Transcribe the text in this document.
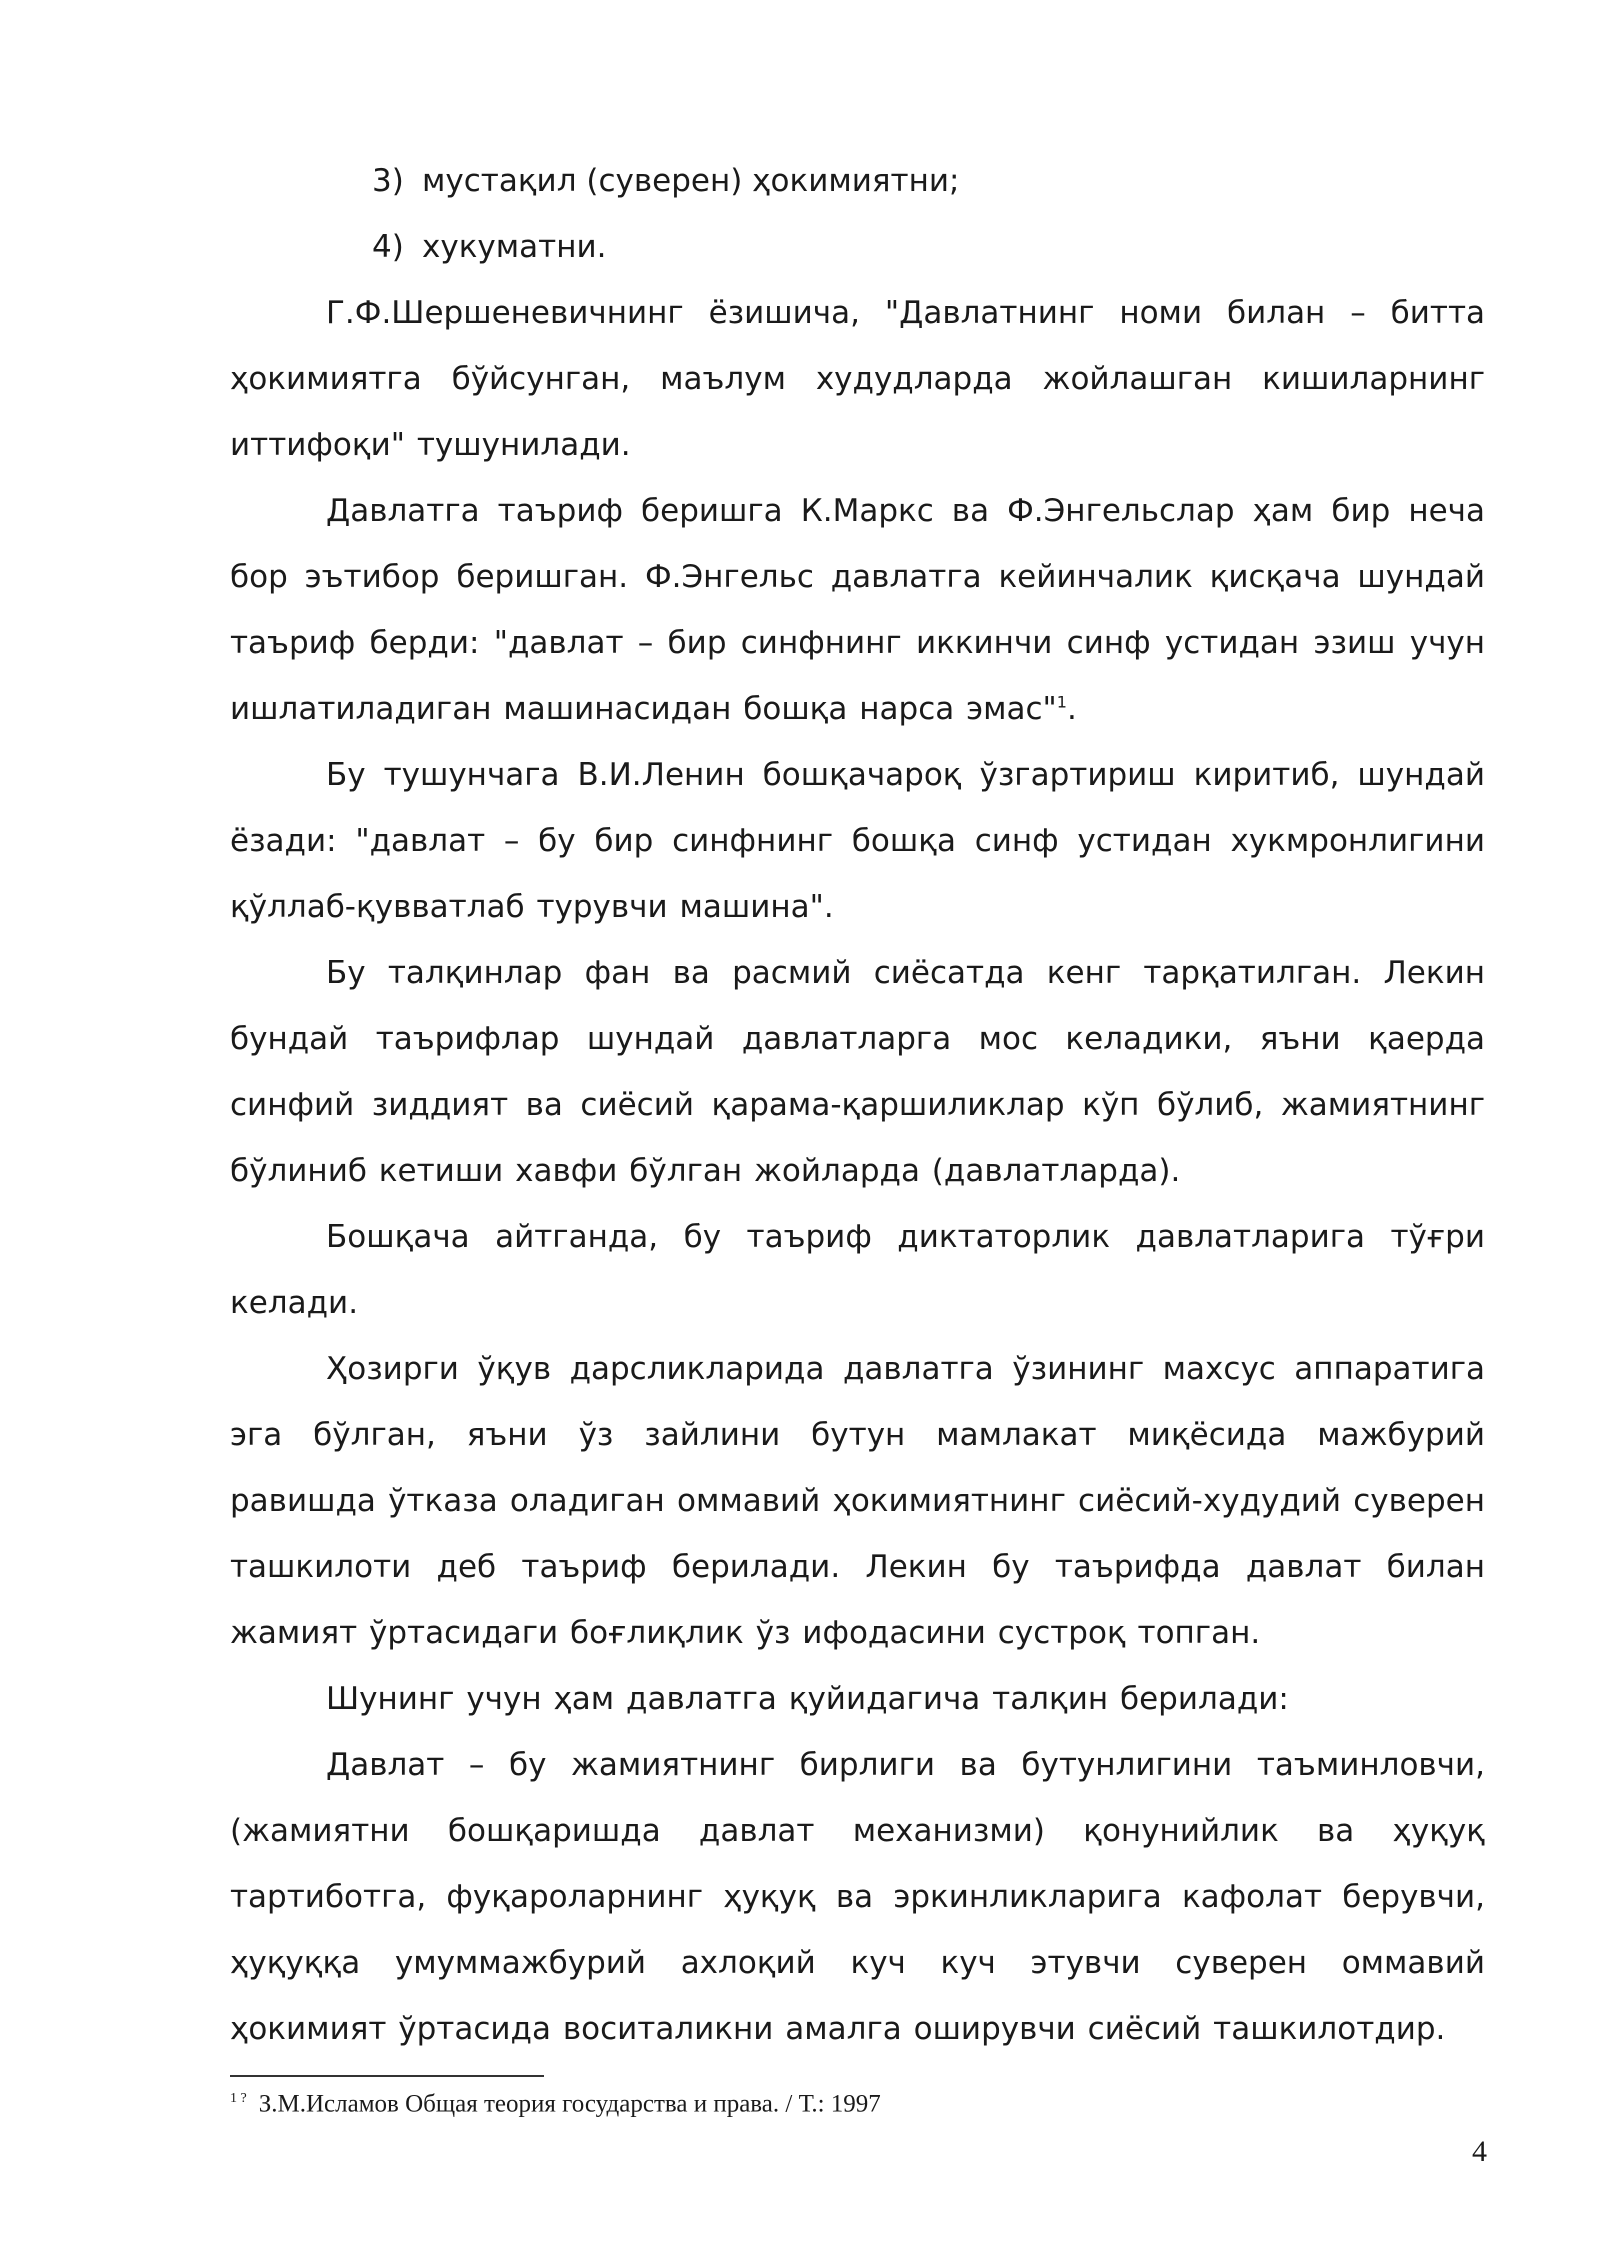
3) мустақил (суверен) ҳокимиятни;

4) хукуматни.

Г.Ф.Шершеневичнинг ёзишича, "Давлатнинг номи билан – битта ҳокимиятга бўйсунган, маълум худудларда жойлашган кишиларнинг иттифоқи" тушунилади.

Давлатга таъриф беришга К.Маркс ва Ф.Энгельслар ҳам бир неча бор эътибор беришган. Ф.Энгельс давлатга кейинчалик қисқача шундай таъриф берди: "давлат – бир синфнинг иккинчи синф устидан эзиш учун ишлатиладиган машинасидан бошқа нарса эмас"$^1$.

Бу тушунчага В.И.Ленин бошқачароқ ўзгартириш киритиб, шундай ёзади: "давлат – бу бир синфнинг бошқа синф устидан хукмронлигини қўллаб-қувватлаб турувчи машина".

Бу талқинлар фан ва расмий сиёсатда кенг тарқатилган. Лекин бундай таърифлар шундай давлатларга мос келадики, яъни қаерда синфий зиддият ва сиёсий қарама-қаршиликлар кўп бўлиб, жамиятнинг бўлиниб кетиши хавфи бўлган жойларда (давлатларда).

Бошқача айтганда, бу таъриф диктаторлик давлатларига тўғри келади.

Ҳозирги ўқув дарсликларида давлатга ўзининг махсус аппаратига эга бўлган, яъни ўз зайлини бутун мамлакат миқёсида мажбурий равишда ўтказа оладиган оммавий ҳокимиятнинг сиёсий-худудий суверен ташкилоти деб таъриф берилади. Лекин бу таърифда давлат билан жамият ўртасидаги боғлиқлик ўз ифодасини сустроқ топган.

Шунинг учун ҳам давлатга қуйидагича талқин берилади:

Давлат – бу жамиятнинг бирлиги ва бутунлигини таъминловчи, (жамиятни бошқаришда давлат механизми) қонунийлик ва ҳуқуқ тартиботга, фуқароларнинг ҳуқуқ ва эркинликларига кафолат берувчи, ҳуқуққа умуммажбурий ахлоқий куч куч этувчи суверен оммавий ҳокимият ўртасида воситаликни амалга оширувчи сиёсий ташкилотдир.

$^{1 ?}$ З.М.Исламов Общая теория государства и права. / Т.: 1997
4
